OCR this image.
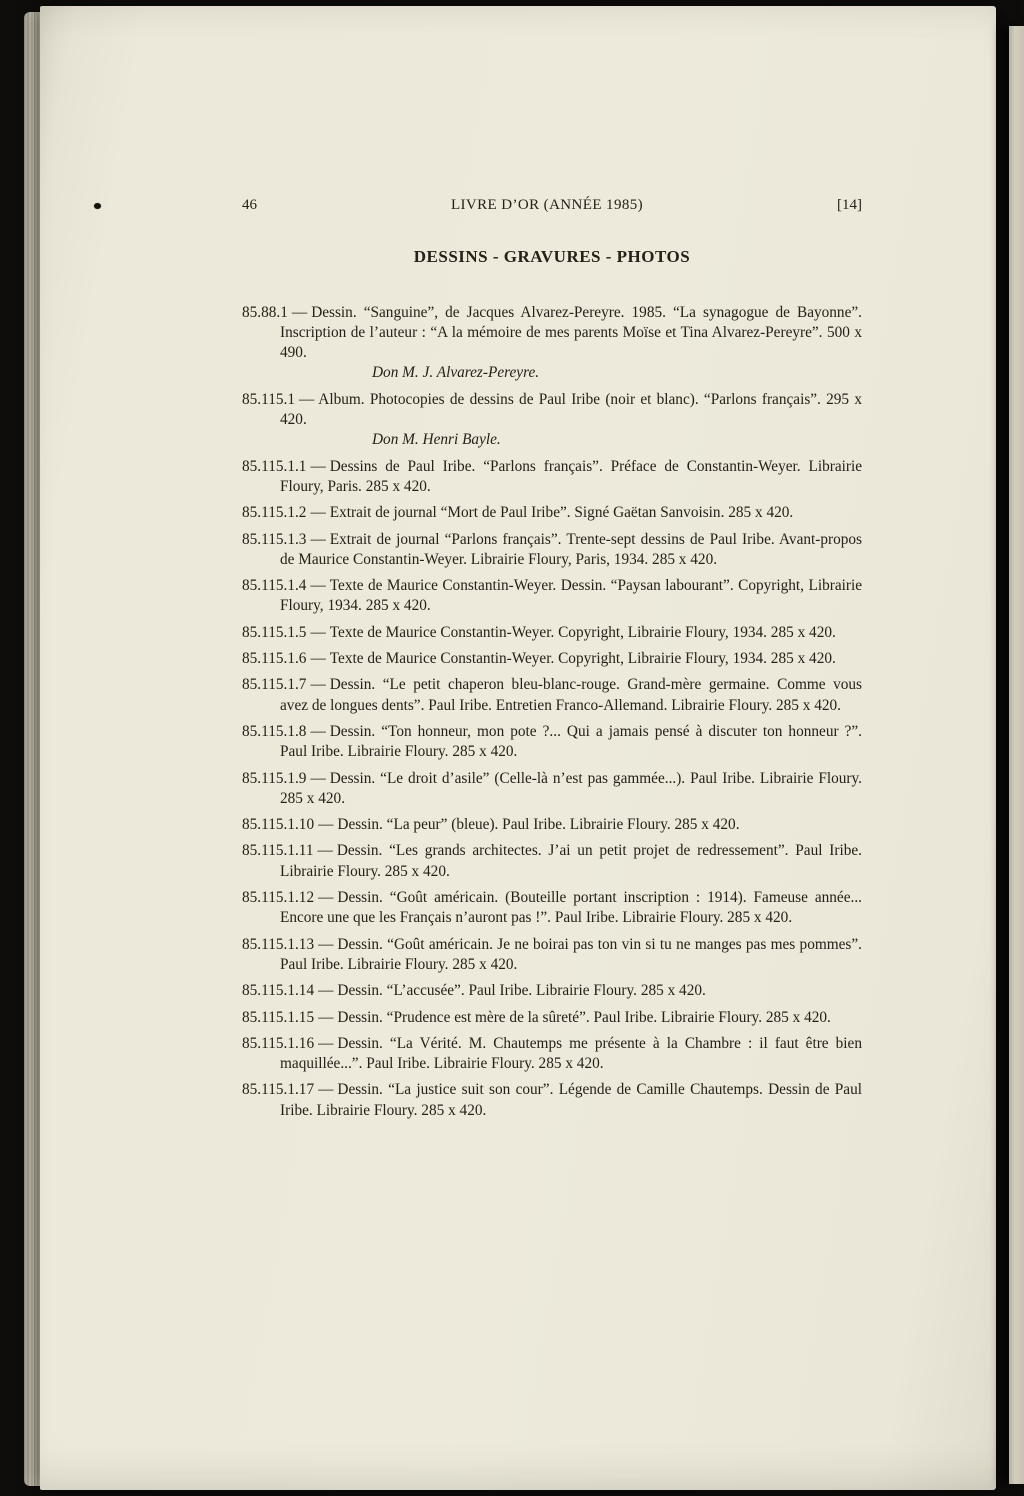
46	LIVRE D’OR (ANNÉE 1985)	[14]
DESSINS - GRAVURES - PHOTOS

85.88.1 — Dessin. “Sanguine”, de Jacques Alvarez-Pereyre. 1985. “La synagogue de Bayonne”. Inscription de l’auteur : “A la mémoire de mes parents Moïse et Tina Alvarez-Pereyre”. 500 x 490.

Don M. J. Alvarez-Pereyre.

85.115.1 — Album. Photocopies de dessins de Paul Iribe (noir et blanc). “Parlons français”. 295 x 420.

Don M. Henri Bayle.

85.115.1.1 — Dessins de Paul Iribe. “Parlons français”. Préface de Constantin-Weyer. Librairie Floury, Paris. 285 x 420.

85.115.1.2 — Extrait de journal “Mort de Paul Iribe”. Signé Gaëtan Sanvoisin. 285 x 420.

85.115.1.3 — Extrait de journal “Parlons français”. Trente-sept dessins de Paul Iribe. Avant-propos de Maurice Constantin-Weyer. Librairie Floury, Paris, 1934. 285 x 420.

85.115.1.4 — Texte de Maurice Constantin-Weyer. Dessin. “Paysan labourant”. Copyright, Librairie Floury, 1934. 285 x 420.

85.115.1.5 — Texte de Maurice Constantin-Weyer. Copyright, Librairie Floury, 1934. 285 x 420.

85.115.1.6 — Texte de Maurice Constantin-Weyer. Copyright, Librairie Floury, 1934. 285 x 420.

85.115.1.7 — Dessin. “Le petit chaperon bleu-blanc-rouge. Grand-mère germaine. Comme vous avez de longues dents”. Paul Iribe. Entretien Franco-Allemand. Librairie Floury. 285 x 420.

85.115.1.8 — Dessin. “Ton honneur, mon pote ?... Qui a jamais pensé à discuter ton honneur ?”. Paul Iribe. Librairie Floury. 285 x 420.

85.115.1.9 — Dessin. “Le droit d’asile” (Celle-là n’est pas gammée...). Paul Iribe. Librairie Floury. 285 x 420.

85.115.1.10 — Dessin. “La peur” (bleue). Paul Iribe. Librairie Floury. 285 x 420.

85.115.1.11 — Dessin. “Les grands architectes. J’ai un petit projet de redressement”. Paul Iribe. Librairie Floury. 285 x 420.

85.115.1.12 — Dessin. “Goût américain. (Bouteille portant inscription : 1914). Fameuse année... Encore une que les Français n’auront pas !”. Paul Iribe. Librairie Floury. 285 x 420.

85.115.1.13 — Dessin. “Goût américain. Je ne boirai pas ton vin si tu ne manges pas mes pommes”. Paul Iribe. Librairie Floury. 285 x 420.

85.115.1.14 — Dessin. “L’accusée”. Paul Iribe. Librairie Floury. 285 x 420.

85.115.1.15 — Dessin. “Prudence est mère de la sûreté”. Paul Iribe. Librairie Floury. 285 x 420.

85.115.1.16 — Dessin. “La Vérité. M. Chautemps me présente à la Chambre : il faut être bien maquillée...”. Paul Iribe. Librairie Floury. 285 x 420.

85.115.1.17 — Dessin. “La justice suit son cour”. Légende de Camille Chautemps. Dessin de Paul Iribe. Librairie Floury. 285 x 420.
